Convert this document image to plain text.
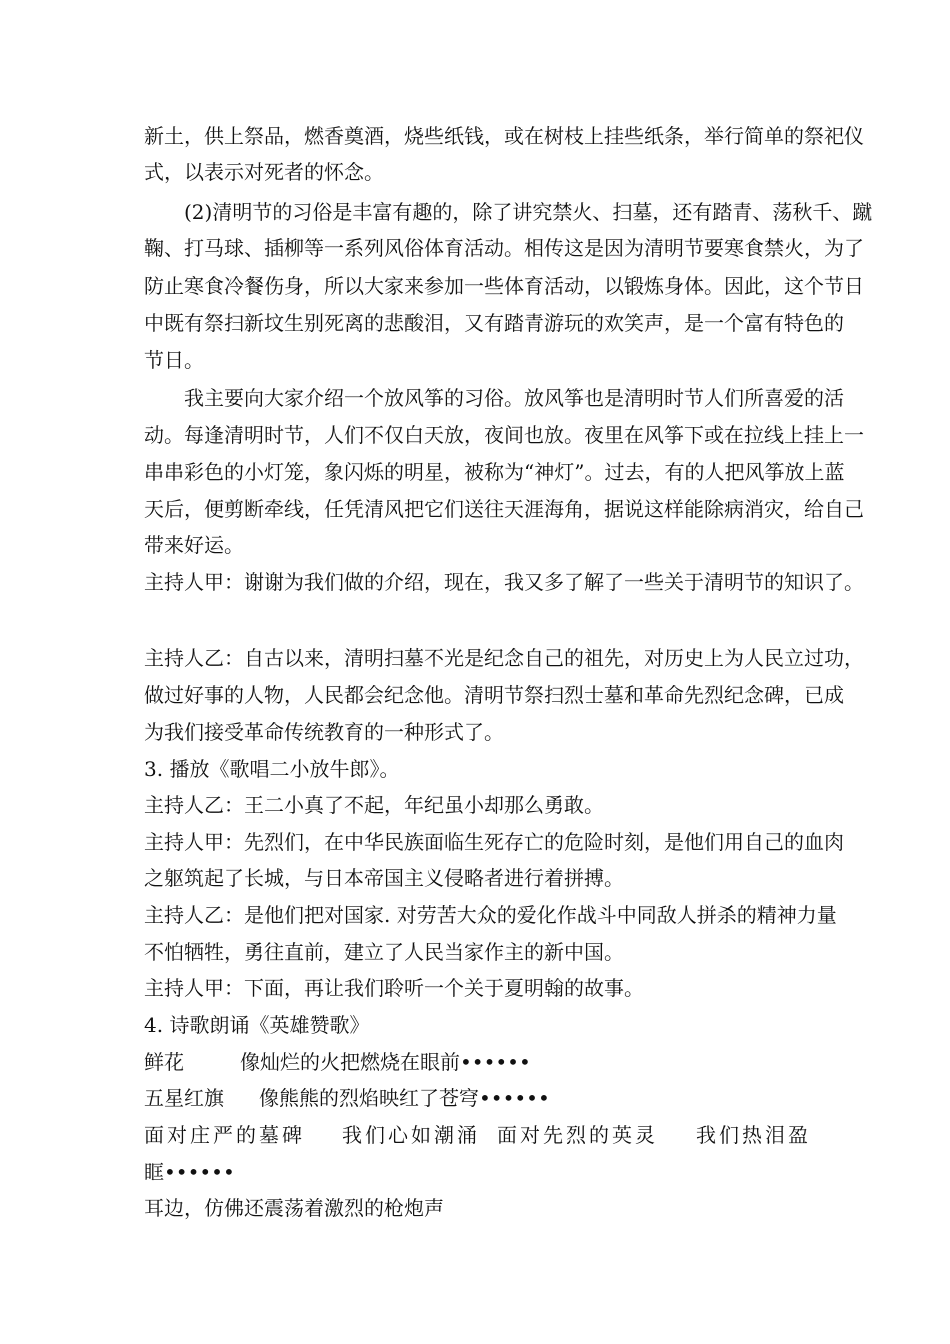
新土，供上祭品，燃香奠酒，烧些纸钱，或在树枝上挂些纸条，举行简单的祭祀仪
式，以表示对死者的怀念。
(2)清明节的习俗是丰富有趣的，除了讲究禁火、扫墓，还有踏青、荡秋千、蹴
鞠、打马球、插柳等一系列风俗体育活动。相传这是因为清明节要寒食禁火，为了
防止寒食冷餐伤身，所以大家来参加一些体育活动，以锻炼身体。因此，这个节日
中既有祭扫新坟生别死离的悲酸泪，又有踏青游玩的欢笑声，是一个富有特色的
节日。
我主要向大家介绍一个放风筝的习俗。放风筝也是清明时节人们所喜爱的活
动。每逢清明时节，人们不仅白天放，夜间也放。夜里在风筝下或在拉线上挂上一
串串彩色的小灯笼，象闪烁的明星，被称为“神灯”。过去，有的人把风筝放上蓝
天后，便剪断牵线，任凭清风把它们送往天涯海角，据说这样能除病消灾，给自己
带来好运。
主持人甲：谢谢为我们做的介绍，现在，我又多了解了一些关于清明节的知识了。
主持人乙：自古以来，清明扫墓不光是纪念自己的祖先，对历史上为人民立过功，
做过好事的人物，人民都会纪念他。清明节祭扫烈士墓和革命先烈纪念碑，已成
为我们接受革命传统教育的一种形式了。
3. 播放《歌唱二小放牛郎》。
主持人乙：王二小真了不起，年纪虽小却那么勇敢。
主持人甲：先烈们，在中华民族面临生死存亡的危险时刻，是他们用自己的血肉
之躯筑起了长城，与日本帝国主义侵略者进行着拼搏。
主持人乙：是他们把对国家. 对劳苦大众的爱化作战斗中同敌人拼杀的精神力量
不怕牺牲，勇往直前，建立了人民当家作主的新中国。
主持人甲：下面，再让我们聆听一个关于夏明翰的故事。
4. 诗歌朗诵《英雄赞歌》
鲜花	像灿烂的火把燃烧在眼前••••••
五星红旗 像熊熊的烈焰映红了苍穹••••••
面对庄严的墓碑 我们心如潮涌 面对先烈的英灵 我们热泪盈
眶••••••
耳边，仿佛还震荡着激烈的枪炮声
